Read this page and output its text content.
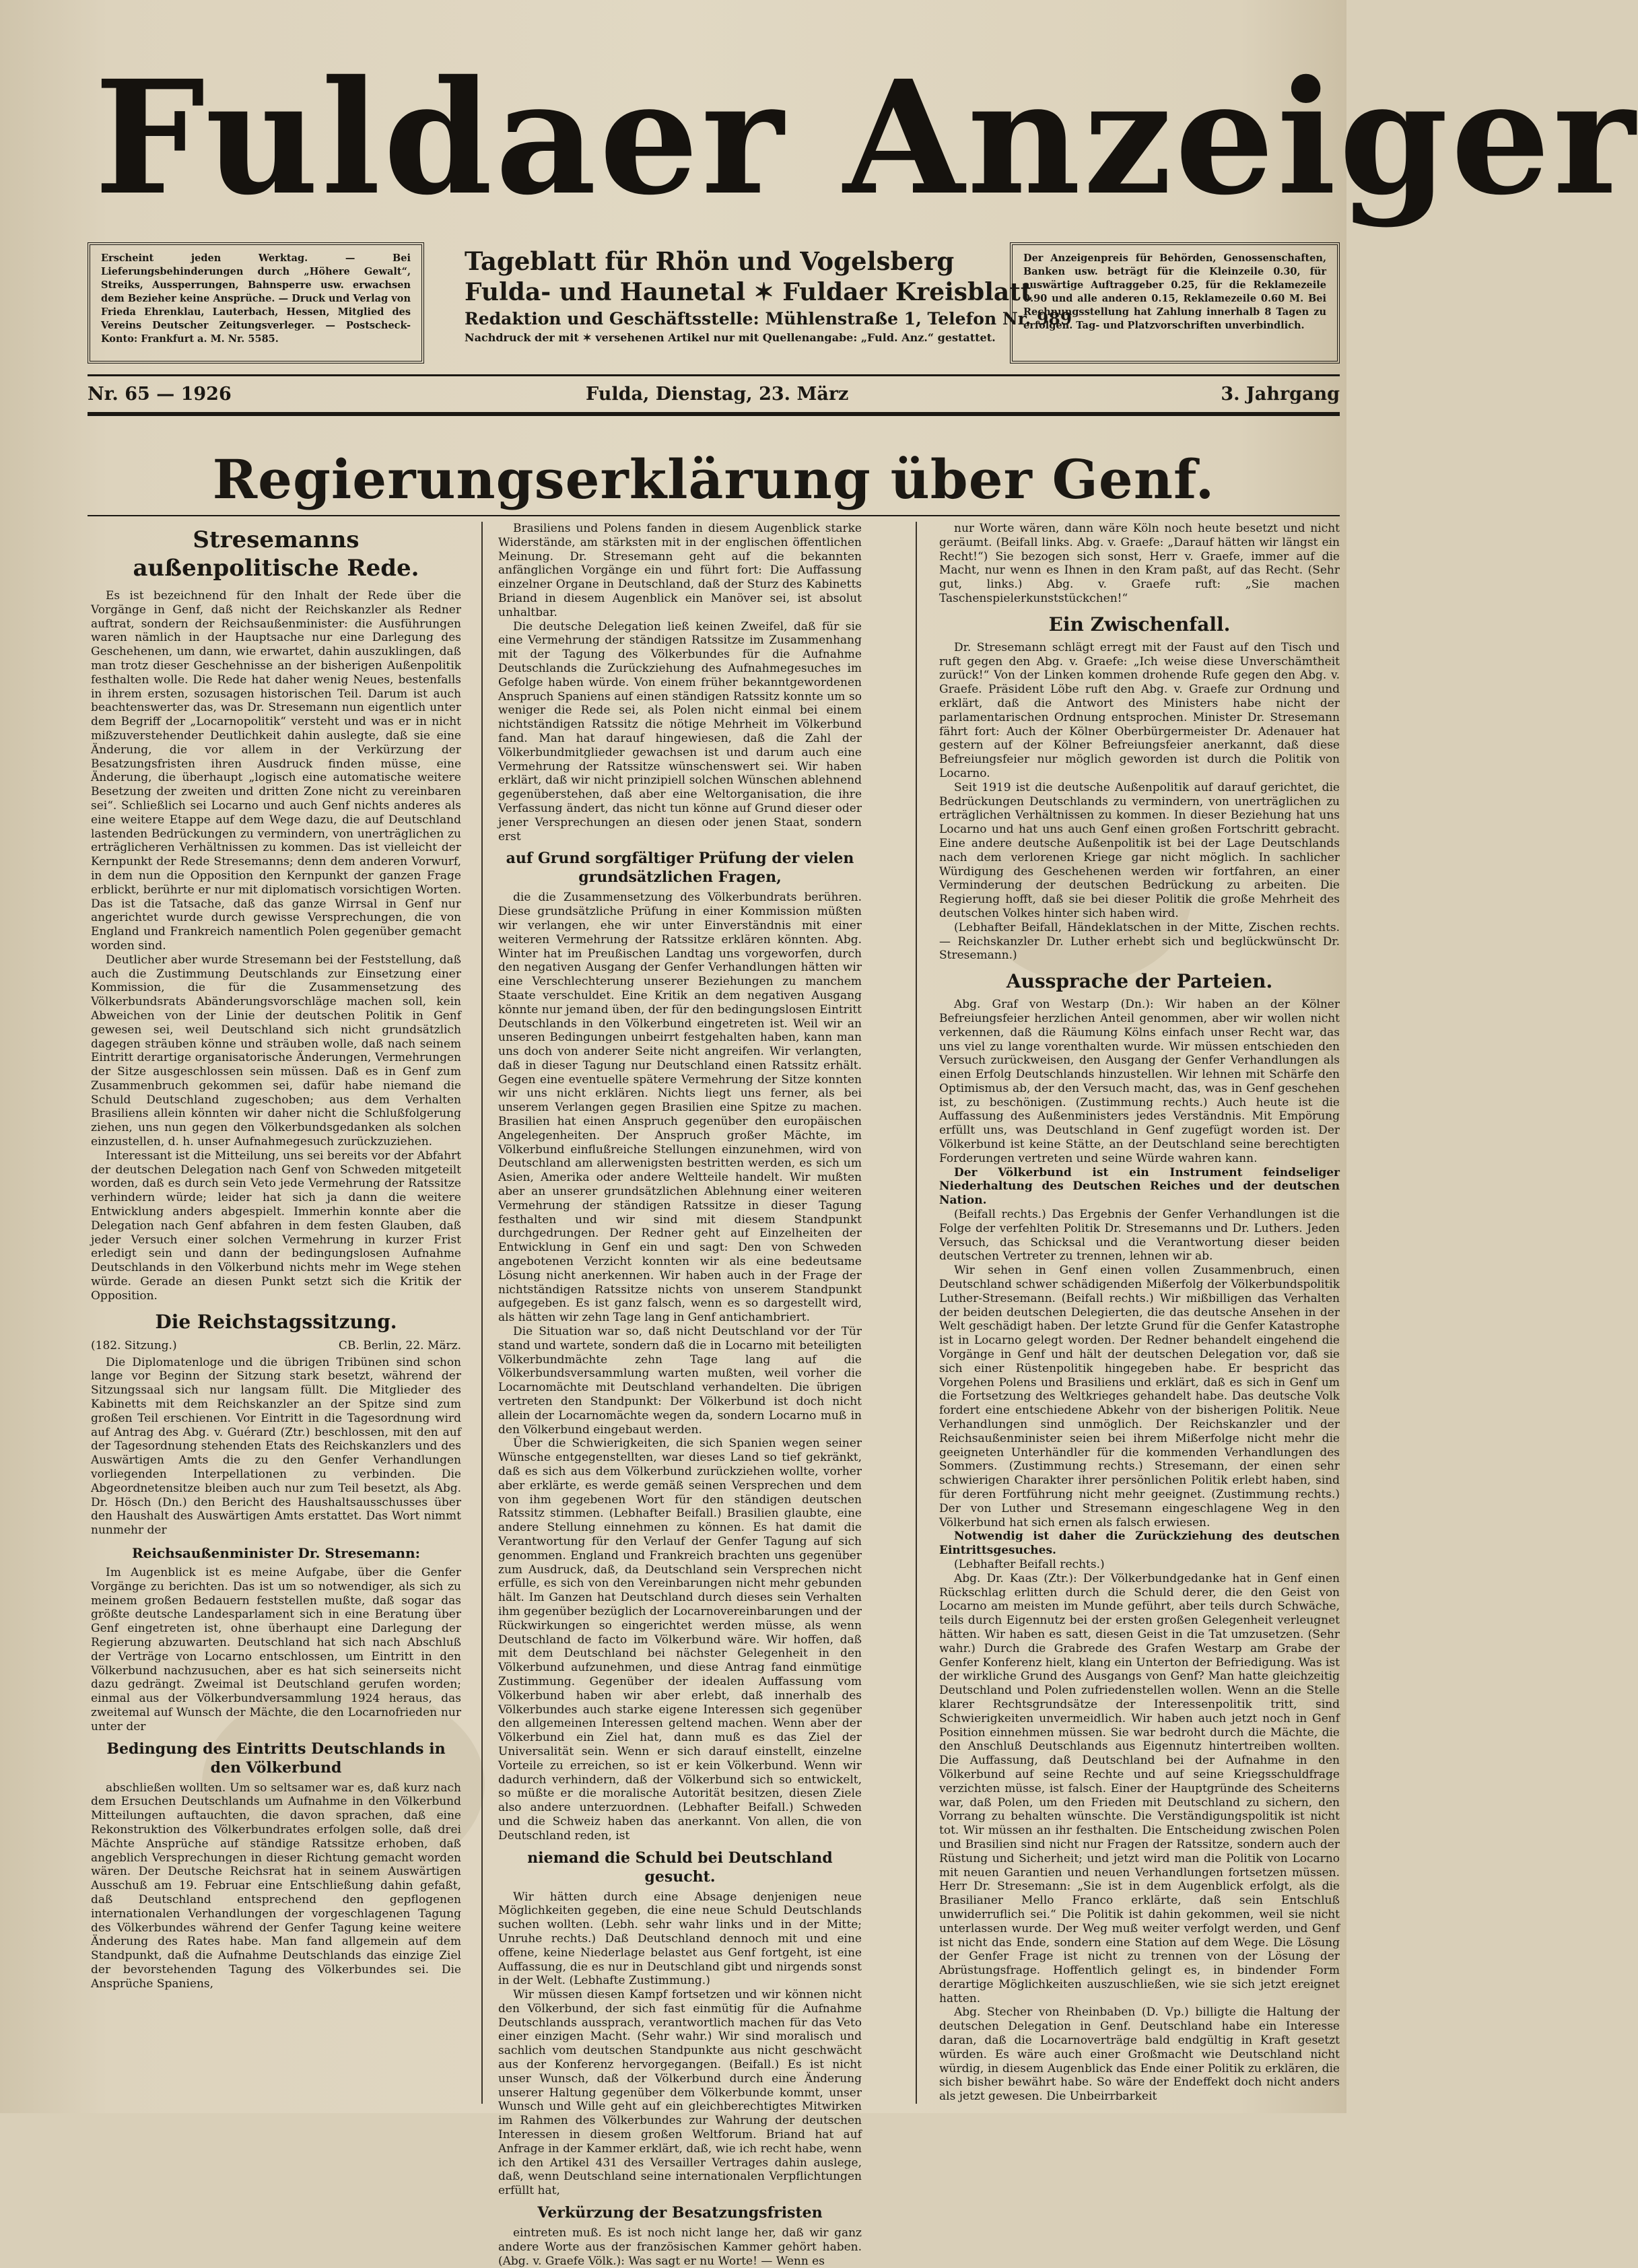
Fuldaer Anzeiger
Erscheint jeden Werktag. — Bei Lieferungsbehinderungen durch „Höhere Gewalt“, Streiks, Aussperrungen, Bahnsperre usw. erwachsen dem Bezieher keine Ansprüche. — Druck und Verlag von Frieda Ehrenklau, Lauterbach, Hessen, Mitglied des Vereins Deutscher Zeitungsverleger. — Postscheck-Konto: Frankfurt a. M. Nr. 5585.
Tageblatt für Rhön und Vogelsberg
Fulda- und Haunetal ✶ Fuldaer Kreisblatt
Redaktion und Geschäftsstelle: Mühlenstraße 1, Telefon Nr. 989
Nachdruck der mit ✶ versehenen Artikel nur mit Quellenangabe: „Fuld. Anz.“ gestattet.
Der Anzeigenpreis für Behörden, Genossenschaften, Banken usw. beträgt für die Kleinzeile 0.30, für auswärtige Auftraggeber 0.25, für die Reklamezeile 0.90 und alle anderen 0.15, Reklamezeile 0.60 M. Bei Rechnungsstellung hat Zahlung innerhalb 8 Tagen zu erfolgen. Tag- und Platzvorschriften unverbindlich.
Nr. 65 — 1926	Fulda, Dienstag, 23. März	3. Jahrgang
Regierungserklärung über Genf.
Stresemanns außenpolitische Rede.

Es ist bezeichnend für den Inhalt der Rede über die Vorgänge in Genf, daß nicht der Reichskanzler als Redner auftrat, sondern der Reichsaußenminister: die Ausführungen waren nämlich in der Hauptsache nur eine Darlegung des Geschehenen, um dann, wie erwartet, dahin auszuklingen, daß man trotz dieser Geschehnisse an der bisherigen Außenpolitik festhalten wolle. Die Rede hat daher wenig Neues, bestenfalls in ihrem ersten, sozusagen historischen Teil. Darum ist auch beachtenswerter das, was Dr. Stresemann nun eigentlich unter dem Begriff der „Locarnopolitik“ versteht und was er in nicht mißzuverstehender Deutlichkeit dahin auslegte, daß sie eine Änderung, die vor allem in der Verkürzung der Besatzungsfristen ihren Ausdruck finden müsse, eine Änderung, die überhaupt „logisch eine automatische weitere Besetzung der zweiten und dritten Zone nicht zu vereinbaren sei“. Schließlich sei Locarno und auch Genf nichts anderes als eine weitere Etappe auf dem Wege dazu, die auf Deutschland lastenden Bedrückungen zu vermindern, von unerträglichen zu erträglicheren Verhältnissen zu kommen. Das ist vielleicht der Kernpunkt der Rede Stresemanns; denn dem anderen Vorwurf, in dem nun die Opposition den Kernpunkt der ganzen Frage erblickt, berührte er nur mit diplomatisch vorsichtigen Worten. Das ist die Tatsache, daß das ganze Wirrsal in Genf nur angerichtet wurde durch gewisse Versprechungen, die von England und Frankreich namentlich Polen gegenüber gemacht worden sind.

Deutlicher aber wurde Stresemann bei der Feststellung, daß auch die Zustimmung Deutschlands zur Einsetzung einer Kommission, die für die Zusammensetzung des Völkerbundsrats Abänderungsvorschläge machen soll, kein Abweichen von der Linie der deutschen Politik in Genf gewesen sei, weil Deutschland sich nicht grundsätzlich dagegen sträuben könne und sträuben wolle, daß nach seinem Eintritt derartige organisatorische Änderungen, Vermehrungen der Sitze ausgeschlossen sein müssen. Daß es in Genf zum Zusammenbruch gekommen sei, dafür habe niemand die Schuld Deutschland zugeschoben; aus dem Verhalten Brasiliens allein könnten wir daher nicht die Schlußfolgerung ziehen, uns nun gegen den Völkerbundsgedanken als solchen einzustellen, d. h. unser Aufnahmegesuch zurückzuziehen.

Interessant ist die Mitteilung, uns sei bereits vor der Abfahrt der deutschen Delegation nach Genf von Schweden mitgeteilt worden, daß es durch sein Veto jede Vermehrung der Ratssitze verhindern würde; leider hat sich ja dann die weitere Entwicklung anders abgespielt. Immerhin konnte aber die Delegation nach Genf abfahren in dem festen Glauben, daß jeder Versuch einer solchen Vermehrung in kurzer Frist erledigt sein und dann der bedingungslosen Aufnahme Deutschlands in den Völkerbund nichts mehr im Wege stehen würde. Gerade an diesen Punkt setzt sich die Kritik der Opposition.

Die Reichstagssitzung.
(182. Sitzung.)	CB. Berlin, 22. März.

Die Diplomatenloge und die übrigen Tribünen sind schon lange vor Beginn der Sitzung stark besetzt, während der Sitzungssaal sich nur langsam füllt. Die Mitglieder des Kabinetts mit dem Reichskanzler an der Spitze sind zum großen Teil erschienen. Vor Eintritt in die Tagesordnung wird auf Antrag des Abg. v. Guérard (Ztr.) beschlossen, mit den auf der Tagesordnung stehenden Etats des Reichskanzlers und des Auswärtigen Amts die zu den Genfer Verhandlungen vorliegenden Interpellationen zu verbinden. Die Abgeordnetensitze bleiben auch nur zum Teil besetzt, als Abg. Dr. Hösch (Dn.) den Bericht des Haushaltsausschusses über den Haushalt des Auswärtigen Amts erstattet. Das Wort nimmt nunmehr der

Reichsaußenminister Dr. Stresemann:

Im Augenblick ist es meine Aufgabe, über die Genfer Vorgänge zu berichten. Das ist um so notwendiger, als sich zu meinem großen Bedauern feststellen mußte, daß sogar das größte deutsche Landesparlament sich in eine Beratung über Genf eingetreten ist, ohne überhaupt eine Darlegung der Regierung abzuwarten. Deutschland hat sich nach Abschluß der Verträge von Locarno entschlossen, um Eintritt in den Völkerbund nachzusuchen, aber es hat sich seinerseits nicht dazu gedrängt. Zweimal ist Deutschland gerufen worden; einmal aus der Völkerbundversammlung 1924 heraus, das zweitemal auf Wunsch der Mächte, die den Locarnofrieden nur unter der

Bedingung des Eintritts Deutschlands in den Völkerbund

abschließen wollten. Um so seltsamer war es, daß kurz nach dem Ersuchen Deutschlands um Aufnahme in den Völkerbund Mitteilungen auftauchten, die davon sprachen, daß eine Rekonstruktion des Völkerbundrates erfolgen solle, daß drei Mächte Ansprüche auf ständige Ratssitze erhoben, daß angeblich Versprechungen in dieser Richtung gemacht worden wären. Der Deutsche Reichsrat hat in seinem Auswärtigen Ausschuß am 19. Februar eine Entschließung dahin gefaßt, daß Deutschland entsprechend den gepflogenen internationalen Verhandlungen der vorgeschlagenen Tagung des Völkerbundes während der Genfer Tagung keine weitere Änderung des Rates habe. Man fand allgemein auf dem Standpunkt, daß die Aufnahme Deutschlands das einzige Ziel der bevorstehenden Tagung des Völkerbundes sei. Die Ansprüche Spaniens,

Brasiliens und Polens fanden in diesem Augenblick starke Widerstände, am stärksten mit in der englischen öffentlichen Meinung. Dr. Stresemann geht auf die bekannten anfänglichen Vorgänge ein und führt fort: Die Auffassung einzelner Organe in Deutschland, daß der Sturz des Kabinetts Briand in diesem Augenblick ein Manöver sei, ist absolut unhaltbar.

Die deutsche Delegation ließ keinen Zweifel, daß für sie eine Vermehrung der ständigen Ratssitze im Zusammenhang mit der Tagung des Völkerbundes für die Aufnahme Deutschlands die Zurückziehung des Aufnahmegesuches im Gefolge haben würde. Von einem früher bekanntgewordenen Anspruch Spaniens auf einen ständigen Ratssitz konnte um so weniger die Rede sei, als Polen nicht einmal bei einem nichtständigen Ratssitz die nötige Mehrheit im Völkerbund fand. Man hat darauf hingewiesen, daß die Zahl der Völkerbundmitglieder gewachsen ist und darum auch eine Vermehrung der Ratssitze wünschenswert sei. Wir haben erklärt, daß wir nicht prinzipiell solchen Wünschen ablehnend gegenüberstehen, daß aber eine Weltorganisation, die ihre Verfassung ändert, das nicht tun könne auf Grund dieser oder jener Versprechungen an diesen oder jenen Staat, sondern erst

auf Grund sorgfältiger Prüfung der vielen grundsätzlichen Fragen,

die die Zusammensetzung des Völkerbundrats berühren. Diese grundsätzliche Prüfung in einer Kommission müßten wir verlangen, ehe wir unter Einverständnis mit einer weiteren Vermehrung der Ratssitze erklären könnten. Abg. Winter hat im Preußischen Landtag uns vorgeworfen, durch den negativen Ausgang der Genfer Verhandlungen hätten wir eine Verschlechterung unserer Beziehungen zu manchem Staate verschuldet. Eine Kritik an dem negativen Ausgang könnte nur jemand üben, der für den bedingungslosen Eintritt Deutschlands in den Völkerbund eingetreten ist. Weil wir an unseren Bedingungen unbeirrt festgehalten haben, kann man uns doch von anderer Seite nicht angreifen. Wir verlangten, daß in dieser Tagung nur Deutschland einen Ratssitz erhält. Gegen eine eventuelle spätere Vermehrung der Sitze konnten wir uns nicht erklären. Nichts liegt uns ferner, als bei unserem Verlangen gegen Brasilien eine Spitze zu machen. Brasilien hat einen Anspruch gegenüber den europäischen Angelegenheiten. Der Anspruch großer Mächte, im Völkerbund einflußreiche Stellungen einzunehmen, wird von Deutschland am allerwenigsten bestritten werden, es sich um Asien, Amerika oder andere Weltteile handelt. Wir mußten aber an unserer grundsätzlichen Ablehnung einer weiteren Vermehrung der ständigen Ratssitze in dieser Tagung festhalten und wir sind mit diesem Standpunkt durchgedrungen. Der Redner geht auf Einzelheiten der Entwicklung in Genf ein und sagt: Den von Schweden angebotenen Verzicht konnten wir als eine bedeutsame Lösung nicht anerkennen. Wir haben auch in der Frage der nichtständigen Ratssitze nichts von unserem Standpunkt aufgegeben. Es ist ganz falsch, wenn es so dargestellt wird, als hätten wir zehn Tage lang in Genf antichambriert.

Die Situation war so, daß nicht Deutschland vor der Tür stand und wartete, sondern daß die in Locarno mit beteiligten Völkerbundmächte zehn Tage lang auf die Völkerbundsversammlung warten mußten, weil vorher die Locarnomächte mit Deutschland verhandelten. Die übrigen vertreten den Standpunkt: Der Völkerbund ist doch nicht allein der Locarnomächte wegen da, sondern Locarno muß in den Völkerbund eingebaut werden.

Über die Schwierigkeiten, die sich Spanien wegen seiner Wünsche entgegenstellten, war dieses Land so tief gekränkt, daß es sich aus dem Völkerbund zurückziehen wollte, vorher aber erklärte, es werde gemäß seinen Versprechen und dem von ihm gegebenen Wort für den ständigen deutschen Ratssitz stimmen. (Lebhafter Beifall.) Brasilien glaubte, eine andere Stellung einnehmen zu können. Es hat damit die Verantwortung für den Verlauf der Genfer Tagung auf sich genommen. England und Frankreich brachten uns gegenüber zum Ausdruck, daß, da Deutschland sein Versprechen nicht erfülle, es sich von den Vereinbarungen nicht mehr gebunden hält. Im Ganzen hat Deutschland durch dieses sein Verhalten ihm gegenüber bezüglich der Locarnovereinbarungen und der Rückwirkungen so eingerichtet werden müsse, als wenn Deutschland de facto im Völkerbund wäre. Wir hoffen, daß mit dem Deutschland bei nächster Gelegenheit in den Völkerbund aufzunehmen, und diese Antrag fand einmütige Zustimmung. Gegenüber der idealen Auffassung vom Völkerbund haben wir aber erlebt, daß innerhalb des Völkerbundes auch starke eigene Interessen sich gegenüber den allgemeinen Interessen geltend machen. Wenn aber der Völkerbund ein Ziel hat, dann muß es das Ziel der Universalität sein. Wenn er sich darauf einstellt, einzelne Vorteile zu erreichen, so ist er kein Völkerbund. Wenn wir dadurch verhindern, daß der Völkerbund sich so entwickelt, so müßte er die moralische Autorität besitzen, diesen Ziele also andere unterzuordnen. (Lebhafter Beifall.) Schweden und die Schweiz haben das anerkannt. Von allen, die von Deutschland reden, ist

niemand die Schuld bei Deutschland gesucht.

Wir hätten durch eine Absage denjenigen neue Möglichkeiten gegeben, die eine neue Schuld Deutschlands suchen wollten. (Lebh. sehr wahr links und in der Mitte; Unruhe rechts.) Daß Deutschland dennoch mit und eine offene, keine Niederlage belastet aus Genf fortgeht, ist eine Auffassung, die es nur in Deutschland gibt und nirgends sonst in der Welt. (Lebhafte Zustimmung.)

Wir müssen diesen Kampf fortsetzen und wir können nicht den Völkerbund, der sich fast einmütig für die Aufnahme Deutschlands aussprach, verantwortlich machen für das Veto einer einzigen Macht. (Sehr wahr.) Wir sind moralisch und sachlich vom deutschen Standpunkte aus nicht geschwächt aus der Konferenz hervorgegangen. (Beifall.) Es ist nicht unser Wunsch, daß der Völkerbund durch eine Änderung unserer Haltung gegenüber dem Völkerbunde kommt, unser Wunsch und Wille geht auf ein gleichberechtigtes Mitwirken im Rahmen des Völkerbundes zur Wahrung der deutschen Interessen in diesem großen Weltforum. Briand hat auf Anfrage in der Kammer erklärt, daß, wie ich recht habe, wenn ich den Artikel 431 des Versailler Vertrages dahin auslege, daß, wenn Deutschland seine internationalen Verpflichtungen erfüllt hat,

Verkürzung der Besatzungsfristen

eintreten muß. Es ist noch nicht lange her, daß wir ganz andere Worte aus der französischen Kammer gehört haben. (Abg. v. Graefe Völk.): Was sagt er nu Worte! — Wenn es

nur Worte wären, dann wäre Köln noch heute besetzt und nicht geräumt. (Beifall links. Abg. v. Graefe: „Darauf hätten wir längst ein Recht!“) Sie bezogen sich sonst, Herr v. Graefe, immer auf die Macht, nur wenn es Ihnen in den Kram paßt, auf das Recht. (Sehr gut, links.) Abg. v. Graefe ruft: „Sie machen Taschenspielerkunststückchen!“

Ein Zwischenfall.

Dr. Stresemann schlägt erregt mit der Faust auf den Tisch und ruft gegen den Abg. v. Graefe: „Ich weise diese Unverschämtheit zurück!“ Von der Linken kommen drohende Rufe gegen den Abg. v. Graefe. Präsident Löbe ruft den Abg. v. Graefe zur Ordnung und erklärt, daß die Antwort des Ministers habe nicht der parlamentarischen Ordnung entsprochen. Minister Dr. Stresemann fährt fort: Auch der Kölner Oberbürgermeister Dr. Adenauer hat gestern auf der Kölner Befreiungsfeier anerkannt, daß diese Befreiungsfeier nur möglich geworden ist durch die Politik von Locarno.

Seit 1919 ist die deutsche Außenpolitik auf darauf gerichtet, die Bedrückungen Deutschlands zu vermindern, von unerträglichen zu erträglichen Verhältnissen zu kommen. In dieser Beziehung hat uns Locarno und hat uns auch Genf einen großen Fortschritt gebracht. Eine andere deutsche Außenpolitik ist bei der Lage Deutschlands nach dem verlorenen Kriege gar nicht möglich. In sachlicher Würdigung des Geschehenen werden wir fortfahren, an einer Verminderung der deutschen Bedrückung zu arbeiten. Die Regierung hofft, daß sie bei dieser Politik die große Mehrheit des deutschen Volkes hinter sich haben wird.

(Lebhafter Beifall, Händeklatschen in der Mitte, Zischen rechts. — Reichskanzler Dr. Luther erhebt sich und beglückwünscht Dr. Stresemann.)

Aussprache der Parteien.

Abg. Graf von Westarp (Dn.): Wir haben an der Kölner Befreiungsfeier herzlichen Anteil genommen, aber wir wollen nicht verkennen, daß die Räumung Kölns einfach unser Recht war, das uns viel zu lange vorenthalten wurde. Wir müssen entschieden den Versuch zurückweisen, den Ausgang der Genfer Verhandlungen als einen Erfolg Deutschlands hinzustellen. Wir lehnen mit Schärfe den Optimismus ab, der den Versuch macht, das, was in Genf geschehen ist, zu beschönigen. (Zustimmung rechts.) Auch heute ist die Auffassung des Außenministers jedes Verständnis. Mit Empörung erfüllt uns, was Deutschland in Genf zugefügt worden ist. Der Völkerbund ist keine Stätte, an der Deutschland seine berechtigten Forderungen vertreten und seine Würde wahren kann.

Der Völkerbund ist ein Instrument feindseliger Niederhaltung des Deutschen Reiches und der deutschen Nation.

(Beifall rechts.) Das Ergebnis der Genfer Verhandlungen ist die Folge der verfehlten Politik Dr. Stresemanns und Dr. Luthers. Jeden Versuch, das Schicksal und die Verantwortung dieser beiden deutschen Vertreter zu trennen, lehnen wir ab.

Wir sehen in Genf einen vollen Zusammenbruch, einen Deutschland schwer schädigenden Mißerfolg der Völkerbundspolitik Luther-Stresemann. (Beifall rechts.) Wir mißbilligen das Verhalten der beiden deutschen Delegierten, die das deutsche Ansehen in der Welt geschädigt haben. Der letzte Grund für die Genfer Katastrophe ist in Locarno gelegt worden. Der Redner behandelt eingehend die Vorgänge in Genf und hält der deutschen Delegation vor, daß sie sich einer Rüstenpolitik hingegeben habe. Er bespricht das Vorgehen Polens und Brasiliens und erklärt, daß es sich in Genf um die Fortsetzung des Weltkrieges gehandelt habe. Das deutsche Volk fordert eine entschiedene Abkehr von der bisherigen Politik. Neue Verhandlungen sind unmöglich. Der Reichskanzler und der Reichsaußenminister seien bei ihrem Mißerfolge nicht mehr die geeigneten Unterhändler für die kommenden Verhandlungen des Sommers. (Zustimmung rechts.) Stresemann, der einen sehr schwierigen Charakter ihrer persönlichen Politik erlebt haben, sind für deren Fortführung nicht mehr geeignet. (Zustimmung rechts.) Der von Luther und Stresemann eingeschlagene Weg in den Völkerbund hat sich ernen als falsch erwiesen.

Notwendig ist daher die Zurückziehung des deutschen Eintrittsgesuches.

(Lebhafter Beifall rechts.)

Abg. Dr. Kaas (Ztr.): Der Völkerbundgedanke hat in Genf einen Rückschlag erlitten durch die Schuld derer, die den Geist von Locarno am meisten im Munde geführt, aber teils durch Schwäche, teils durch Eigennutz bei der ersten großen Gelegenheit verleugnet hätten. Wir haben es satt, diesen Geist in die Tat umzusetzen. (Sehr wahr.) Durch die Grabrede des Grafen Westarp am Grabe der Genfer Konferenz hielt, klang ein Unterton der Befriedigung. Was ist der wirkliche Grund des Ausgangs von Genf? Man hatte gleichzeitig Deutschland und Polen zufriedenstellen wollen. Wenn an die Stelle klarer Rechtsgrundsätze der Interessenpolitik tritt, sind Schwierigkeiten unvermeidlich. Wir haben auch jetzt noch in Genf Position einnehmen müssen. Sie war bedroht durch die Mächte, die den Anschluß Deutschlands aus Eigennutz hintertreiben wollten. Die Auffassung, daß Deutschland bei der Aufnahme in den Völkerbund auf seine Rechte und auf seine Kriegsschuldfrage verzichten müsse, ist falsch. Einer der Hauptgründe des Scheiterns war, daß Polen, um den Frieden mit Deutschland zu sichern, den Vorrang zu behalten wünschte. Die Verständigungspolitik ist nicht tot. Wir müssen an ihr festhalten. Die Entscheidung zwischen Polen und Brasilien sind nicht nur Fragen der Ratssitze, sondern auch der Rüstung und Sicherheit; und jetzt wird man die Politik von Locarno mit neuen Garantien und neuen Verhandlungen fortsetzen müssen. Herr Dr. Stresemann: „Sie ist in dem Augenblick erfolgt, als die Brasilianer Mello Franco erklärte, daß sein Entschluß unwiderruflich sei.“ Die Politik ist dahin gekommen, weil sie nicht unterlassen wurde. Der Weg muß weiter verfolgt werden, und Genf ist nicht das Ende, sondern eine Station auf dem Wege. Die Lösung der Genfer Frage ist nicht zu trennen von der Lösung der Abrüstungsfrage. Hoffentlich gelingt es, in bindender Form derartige Möglichkeiten auszuschließen, wie sie sich jetzt ereignet hatten.

Abg. Stecher von Rheinbaben (D. Vp.) billigte die Haltung der deutschen Delegation in Genf. Deutschland habe ein Interesse daran, daß die Locarnoverträge bald endgültig in Kraft gesetzt würden. Es wäre auch einer Großmacht wie Deutschland nicht würdig, in diesem Augenblick das Ende einer Politik zu erklären, die sich bisher bewährt habe. So wäre der Endeffekt doch nicht anders als jetzt gewesen. Die Unbeirrbarkeit
